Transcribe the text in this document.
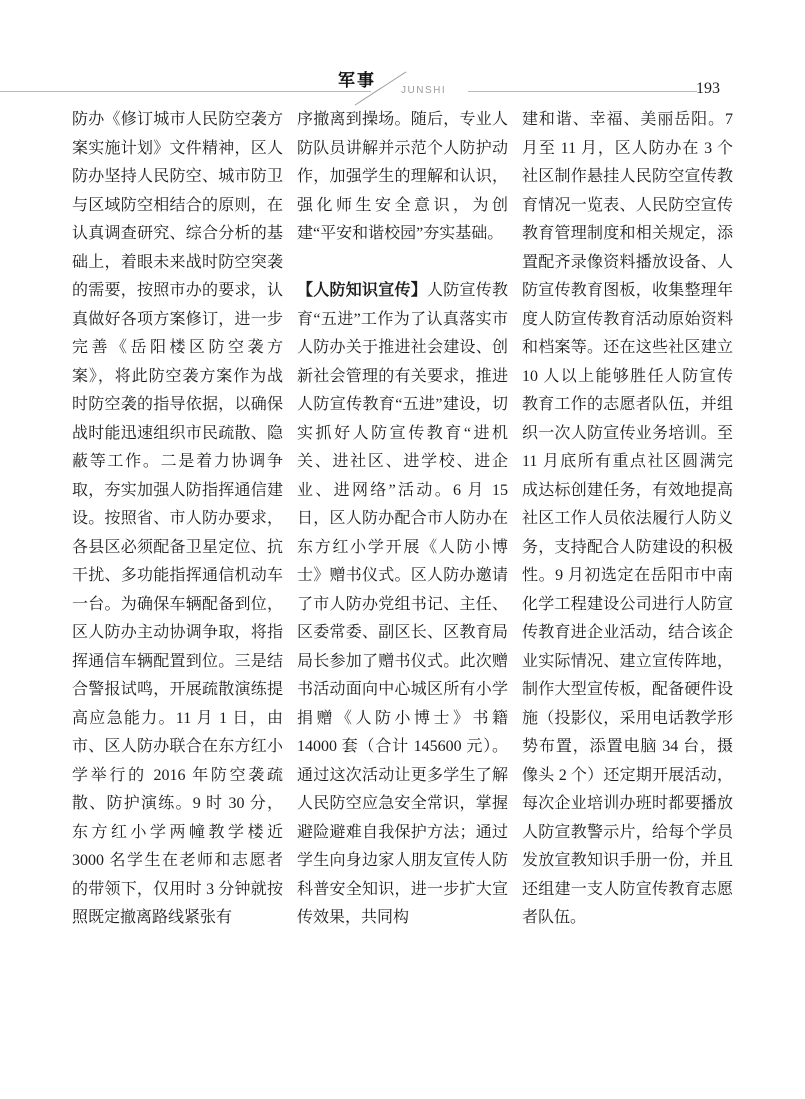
军事
JUNSHI	193

防办《修订城市人民防空袭方案实施计划》文件精神，区人防办坚持人民防空、城市防卫与区域防空相结合的原则，在认真调查研究、综合分析的基础上，着眼未来战时防空突袭的需要，按照市办的要求，认真做好各项方案修订，进一步完善《岳阳楼区防空袭方案》，将此防空袭方案作为战时防空袭的指导依据，以确保战时能迅速组织市民疏散、隐蔽等工作。二是着力协调争取，夯实加强人防指挥通信建设。按照省、市人防办要求，各县区必须配备卫星定位、抗干扰、多功能指挥通信机动车一台。为确保车辆配备到位，区人防办主动协调争取，将指挥通信车辆配置到位。三是结合警报试鸣，开展疏散演练提高应急能力。11 月 1 日，由市、区人防办联合在东方红小学举行的 2016 年防空袭疏散、防护演练。9 时 30 分，东方红小学两幢教学楼近 3000 名学生在老师和志愿者的带领下，仅用时 3 分钟就按照既定撤离路线紧张有

序撤离到操场。随后，专业人防队员讲解并示范个人防护动作，加强学生的理解和认识，强化师生安全意识，为创建“平安和谐校园”夯实基础。

【人防知识宣传】人防宣传教育“五进”工作为了认真落实市人防办关于推进社会建设、创新社会管理的有关要求，推进人防宣传教育“五进”建设，切实抓好人防宣传教育“进机关、进社区、进学校、进企业、进网络”活动。6 月 15 日，区人防办配合市人防办在东方红小学开展《人防小博士》赠书仪式。区人防办邀请了市人防办党组书记、主任、区委常委、副区长、区教育局局长参加了赠书仪式。此次赠书活动面向中心城区所有小学捐赠《人防小博士》书籍 14000 套（合计 145600 元）。通过这次活动让更多学生了解人民防空应急安全常识，掌握避险避难自我保护方法；通过学生向身边家人朋友宣传人防科普安全知识，进一步扩大宣传效果，共同构

建和谐、幸福、美丽岳阳。7 月至 11 月，区人防办在 3 个社区制作悬挂人民防空宣传教育情况一览表、人民防空宣传教育管理制度和相关规定，添置配齐录像资料播放设备、人防宣传教育图板，收集整理年度人防宣传教育活动原始资料和档案等。还在这些社区建立 10 人以上能够胜任人防宣传教育工作的志愿者队伍，并组织一次人防宣传业务培训。至 11 月底所有重点社区圆满完成达标创建任务，有效地提高社区工作人员依法履行人防义务，支持配合人防建设的积极性。9 月初选定在岳阳市中南化学工程建设公司进行人防宣传教育进企业活动，结合该企业实际情况、建立宣传阵地，制作大型宣传板，配备硬件设施（投影仪，采用电话教学形势布置，添置电脑 34 台，摄像头 2 个）还定期开展活动，每次企业培训办班时都要播放人防宣教警示片，给每个学员发放宣教知识手册一份，并且还组建一支人防宣传教育志愿者队伍。
